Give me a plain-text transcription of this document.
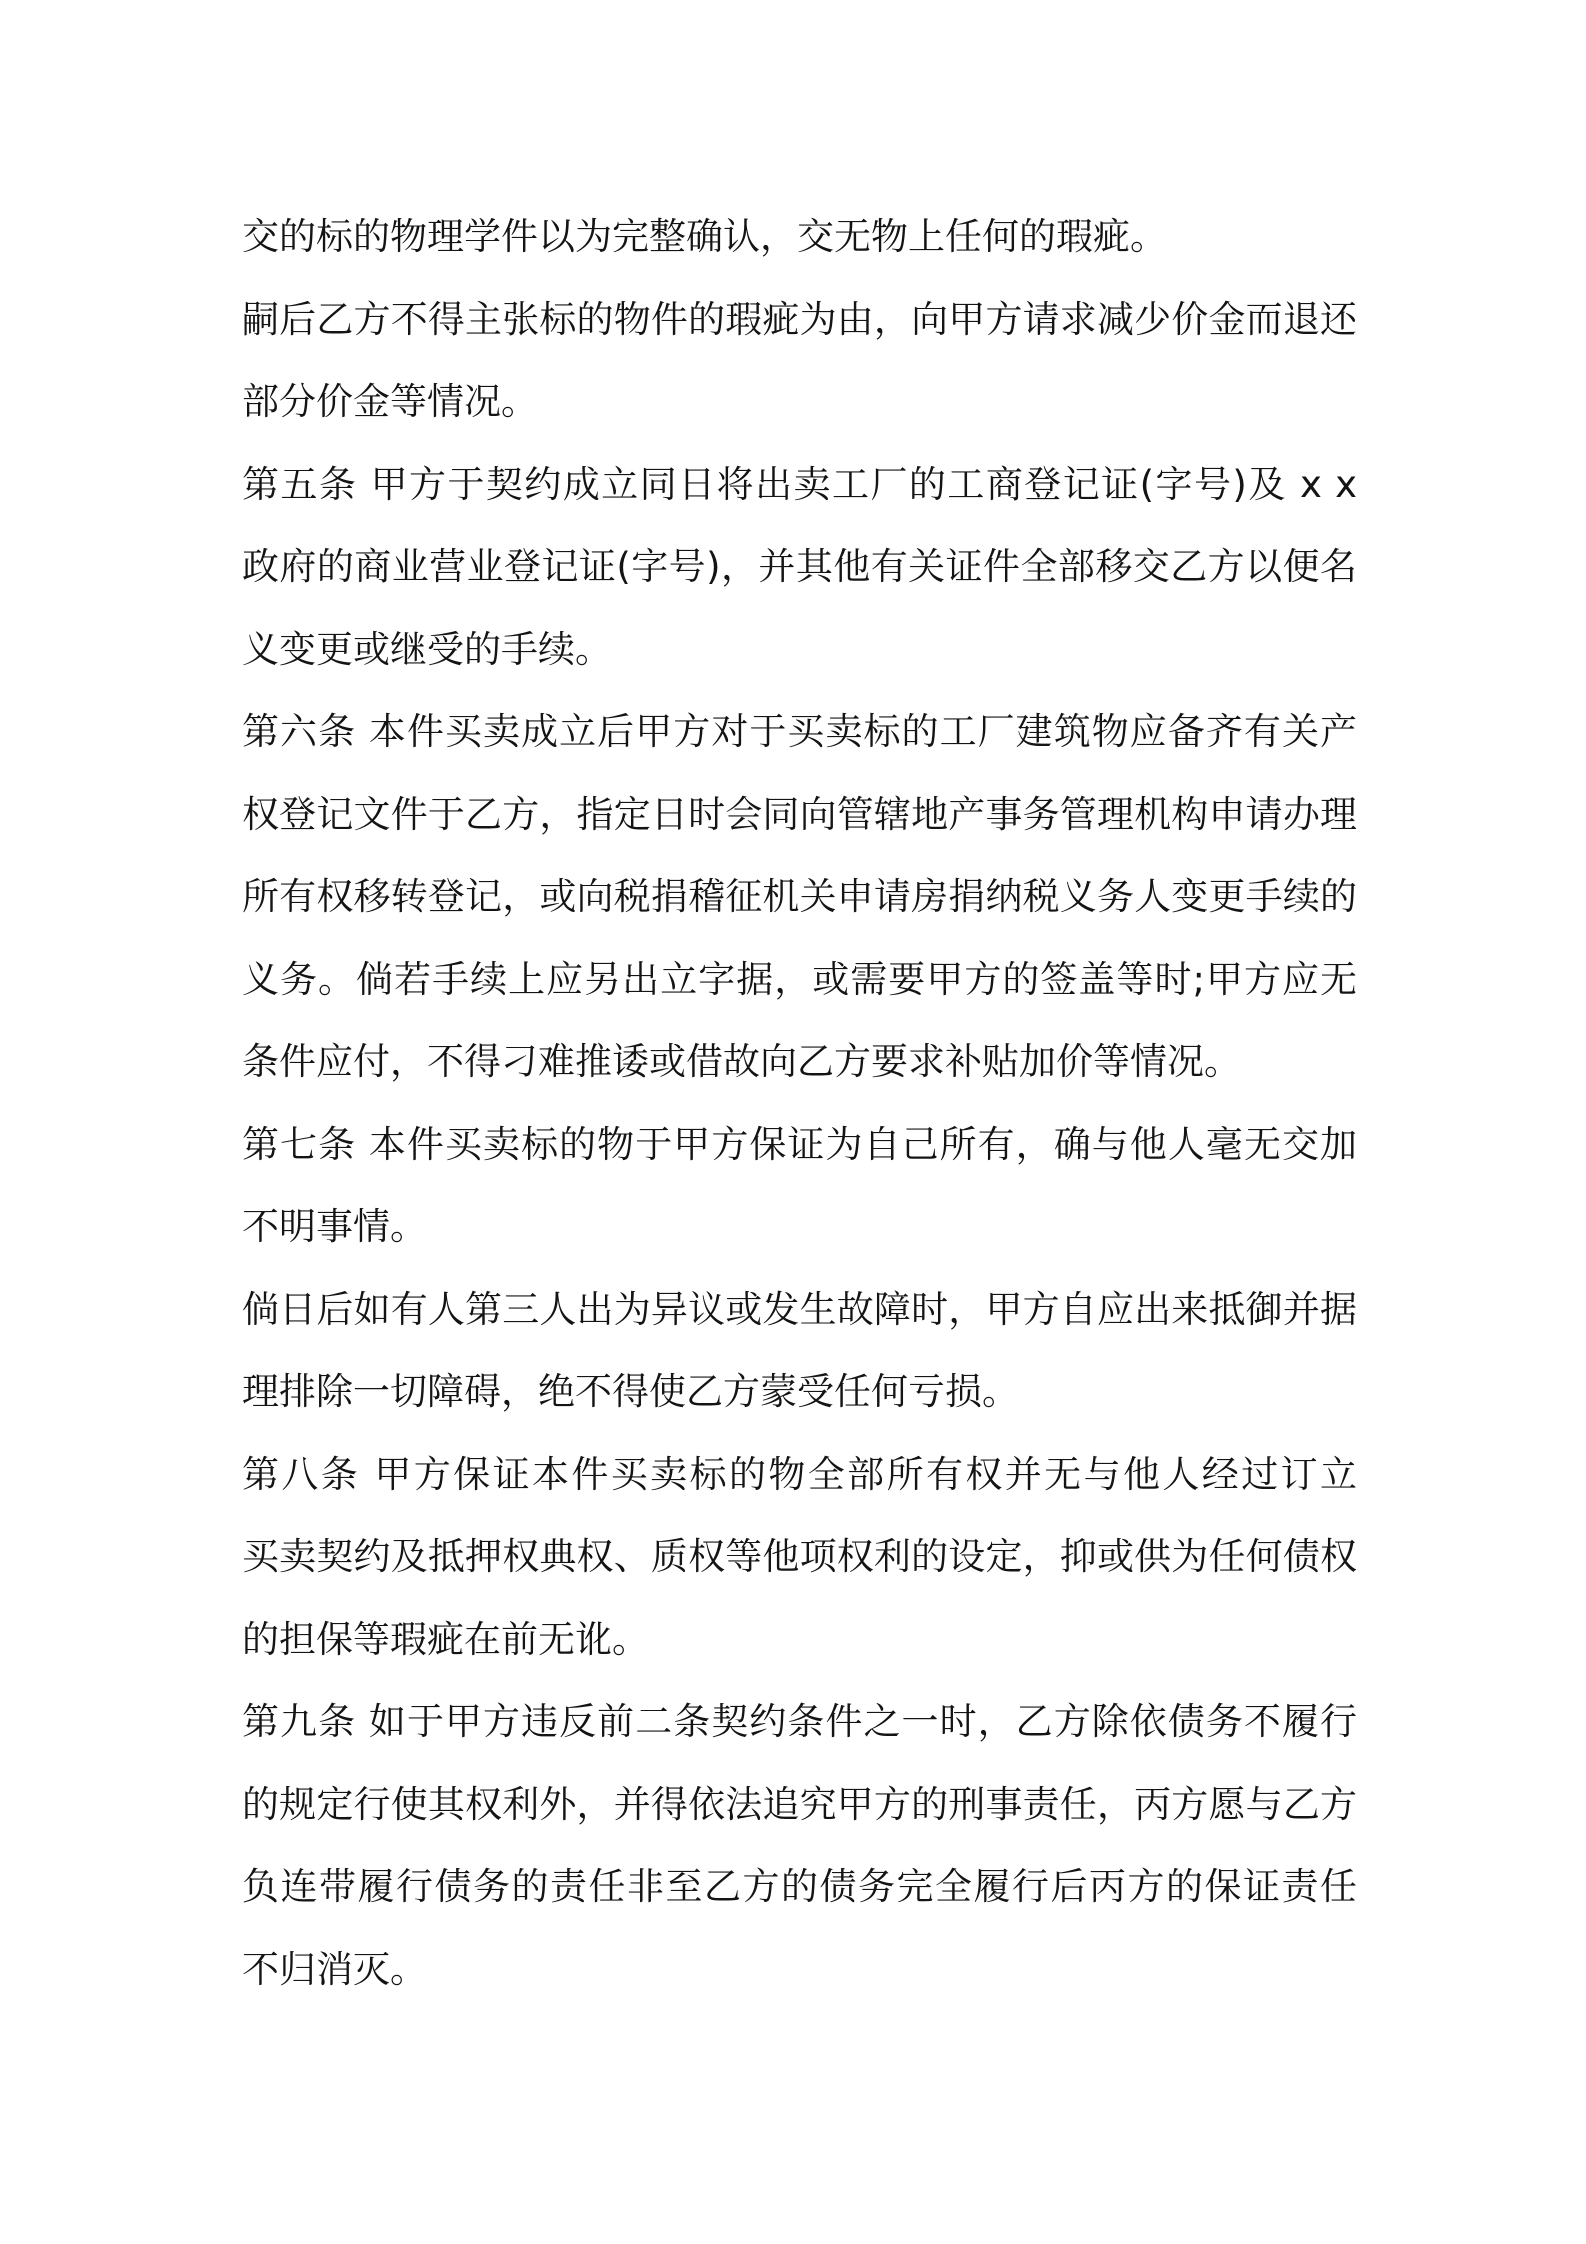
交的标的物理学件以为完整确认，交无物上任何的瑕疵。
嗣后乙方不得主张标的物件的瑕疵为由，向甲方请求减少价金而退还
部分价金等情况。
第五条 甲方于契约成立同日将出卖工厂的工商登记证(字号)及 x x
政府的商业营业登记证(字号)，并其他有关证件全部移交乙方以便名
义变更或继受的手续。
第六条 本件买卖成立后甲方对于买卖标的工厂建筑物应备齐有关产
权登记文件于乙方，指定日时会同向管辖地产事务管理机构申请办理
所有权移转登记，或向税捐稽征机关申请房捐纳税义务人变更手续的
义务。倘若手续上应另出立字据，或需要甲方的签盖等时;甲方应无
条件应付，不得刁难推诿或借故向乙方要求补贴加价等情况。
第七条 本件买卖标的物于甲方保证为自己所有，确与他人毫无交加
不明事情。
倘日后如有人第三人出为异议或发生故障时，甲方自应出来抵御并据
理排除一切障碍，绝不得使乙方蒙受任何亏损。
第八条 甲方保证本件买卖标的物全部所有权并无与他人经过订立
买卖契约及抵押权典权、质权等他项权利的设定，抑或供为任何债权
的担保等瑕疵在前无讹。
第九条 如于甲方违反前二条契约条件之一时，乙方除依债务不履行
的规定行使其权利外，并得依法追究甲方的刑事责任，丙方愿与乙方
负连带履行债务的责任非至乙方的债务完全履行后丙方的保证责任
不归消灭。
